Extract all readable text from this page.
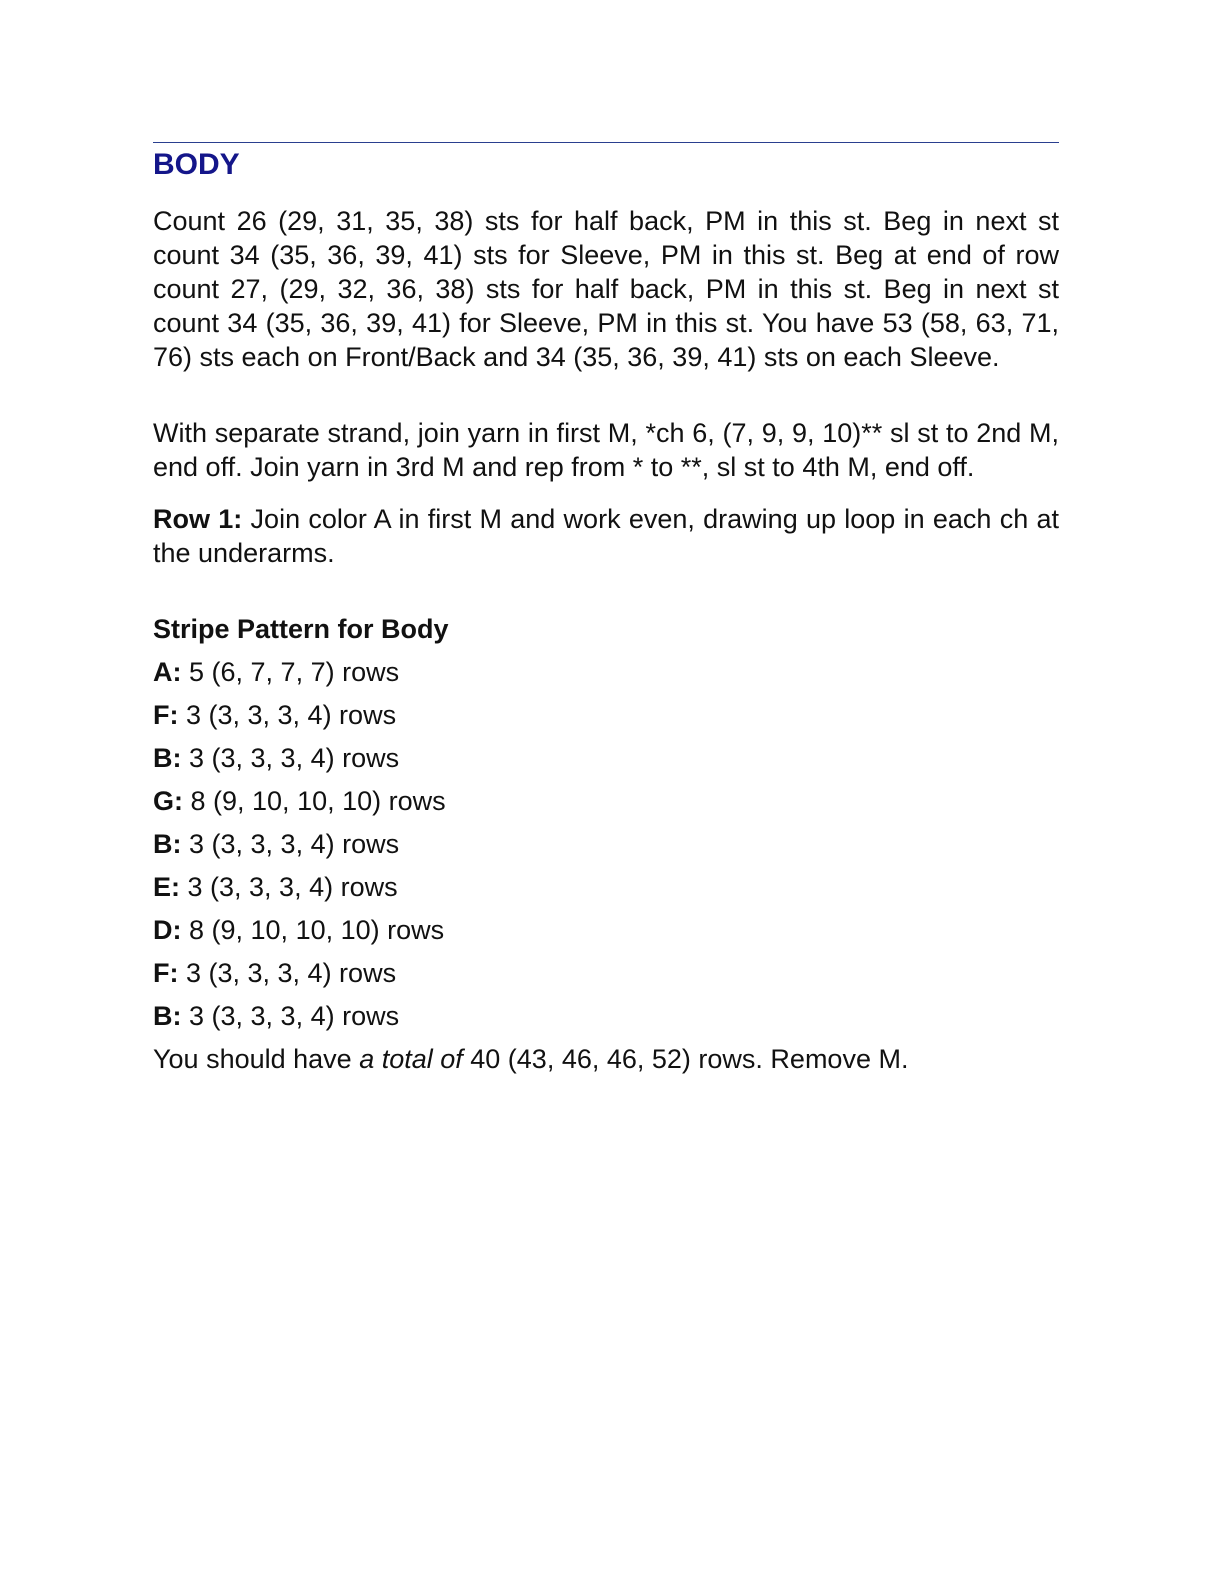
BODY

Count 26 (29, 31, 35, 38) sts for half back, PM in this st. Beg in next st count 34 (35, 36, 39, 41) sts for Sleeve, PM in this st. Beg at end of row count 27, (29, 32, 36, 38) sts for half back, PM in this st. Beg in next st count 34 (35, 36, 39, 41) for Sleeve, PM in this st. You have 53 (58, 63, 71, 76) sts each on Front/Back and 34 (35, 36, 39, 41) sts on each Sleeve.

With separate strand, join yarn in first M, *ch 6, (7, 9, 9, 10)** sl st to 2nd M, end off. Join yarn in 3rd M and rep from * to **, sl st to 4th M, end off.

Row 1: Join color A in first M and work even, drawing up loop in each ch at the underarms.

Stripe Pattern for Body
A: 5 (6, 7, 7, 7) rows
F: 3 (3, 3, 3, 4) rows
B: 3 (3, 3, 3, 4) rows
G: 8 (9, 10, 10, 10) rows
B: 3 (3, 3, 3, 4) rows
E: 3 (3, 3, 3, 4) rows
D: 8 (9, 10, 10, 10) rows
F: 3 (3, 3, 3, 4) rows
B: 3 (3, 3, 3, 4) rows

You should have a total of 40 (43, 46, 46, 52) rows. Remove M.
